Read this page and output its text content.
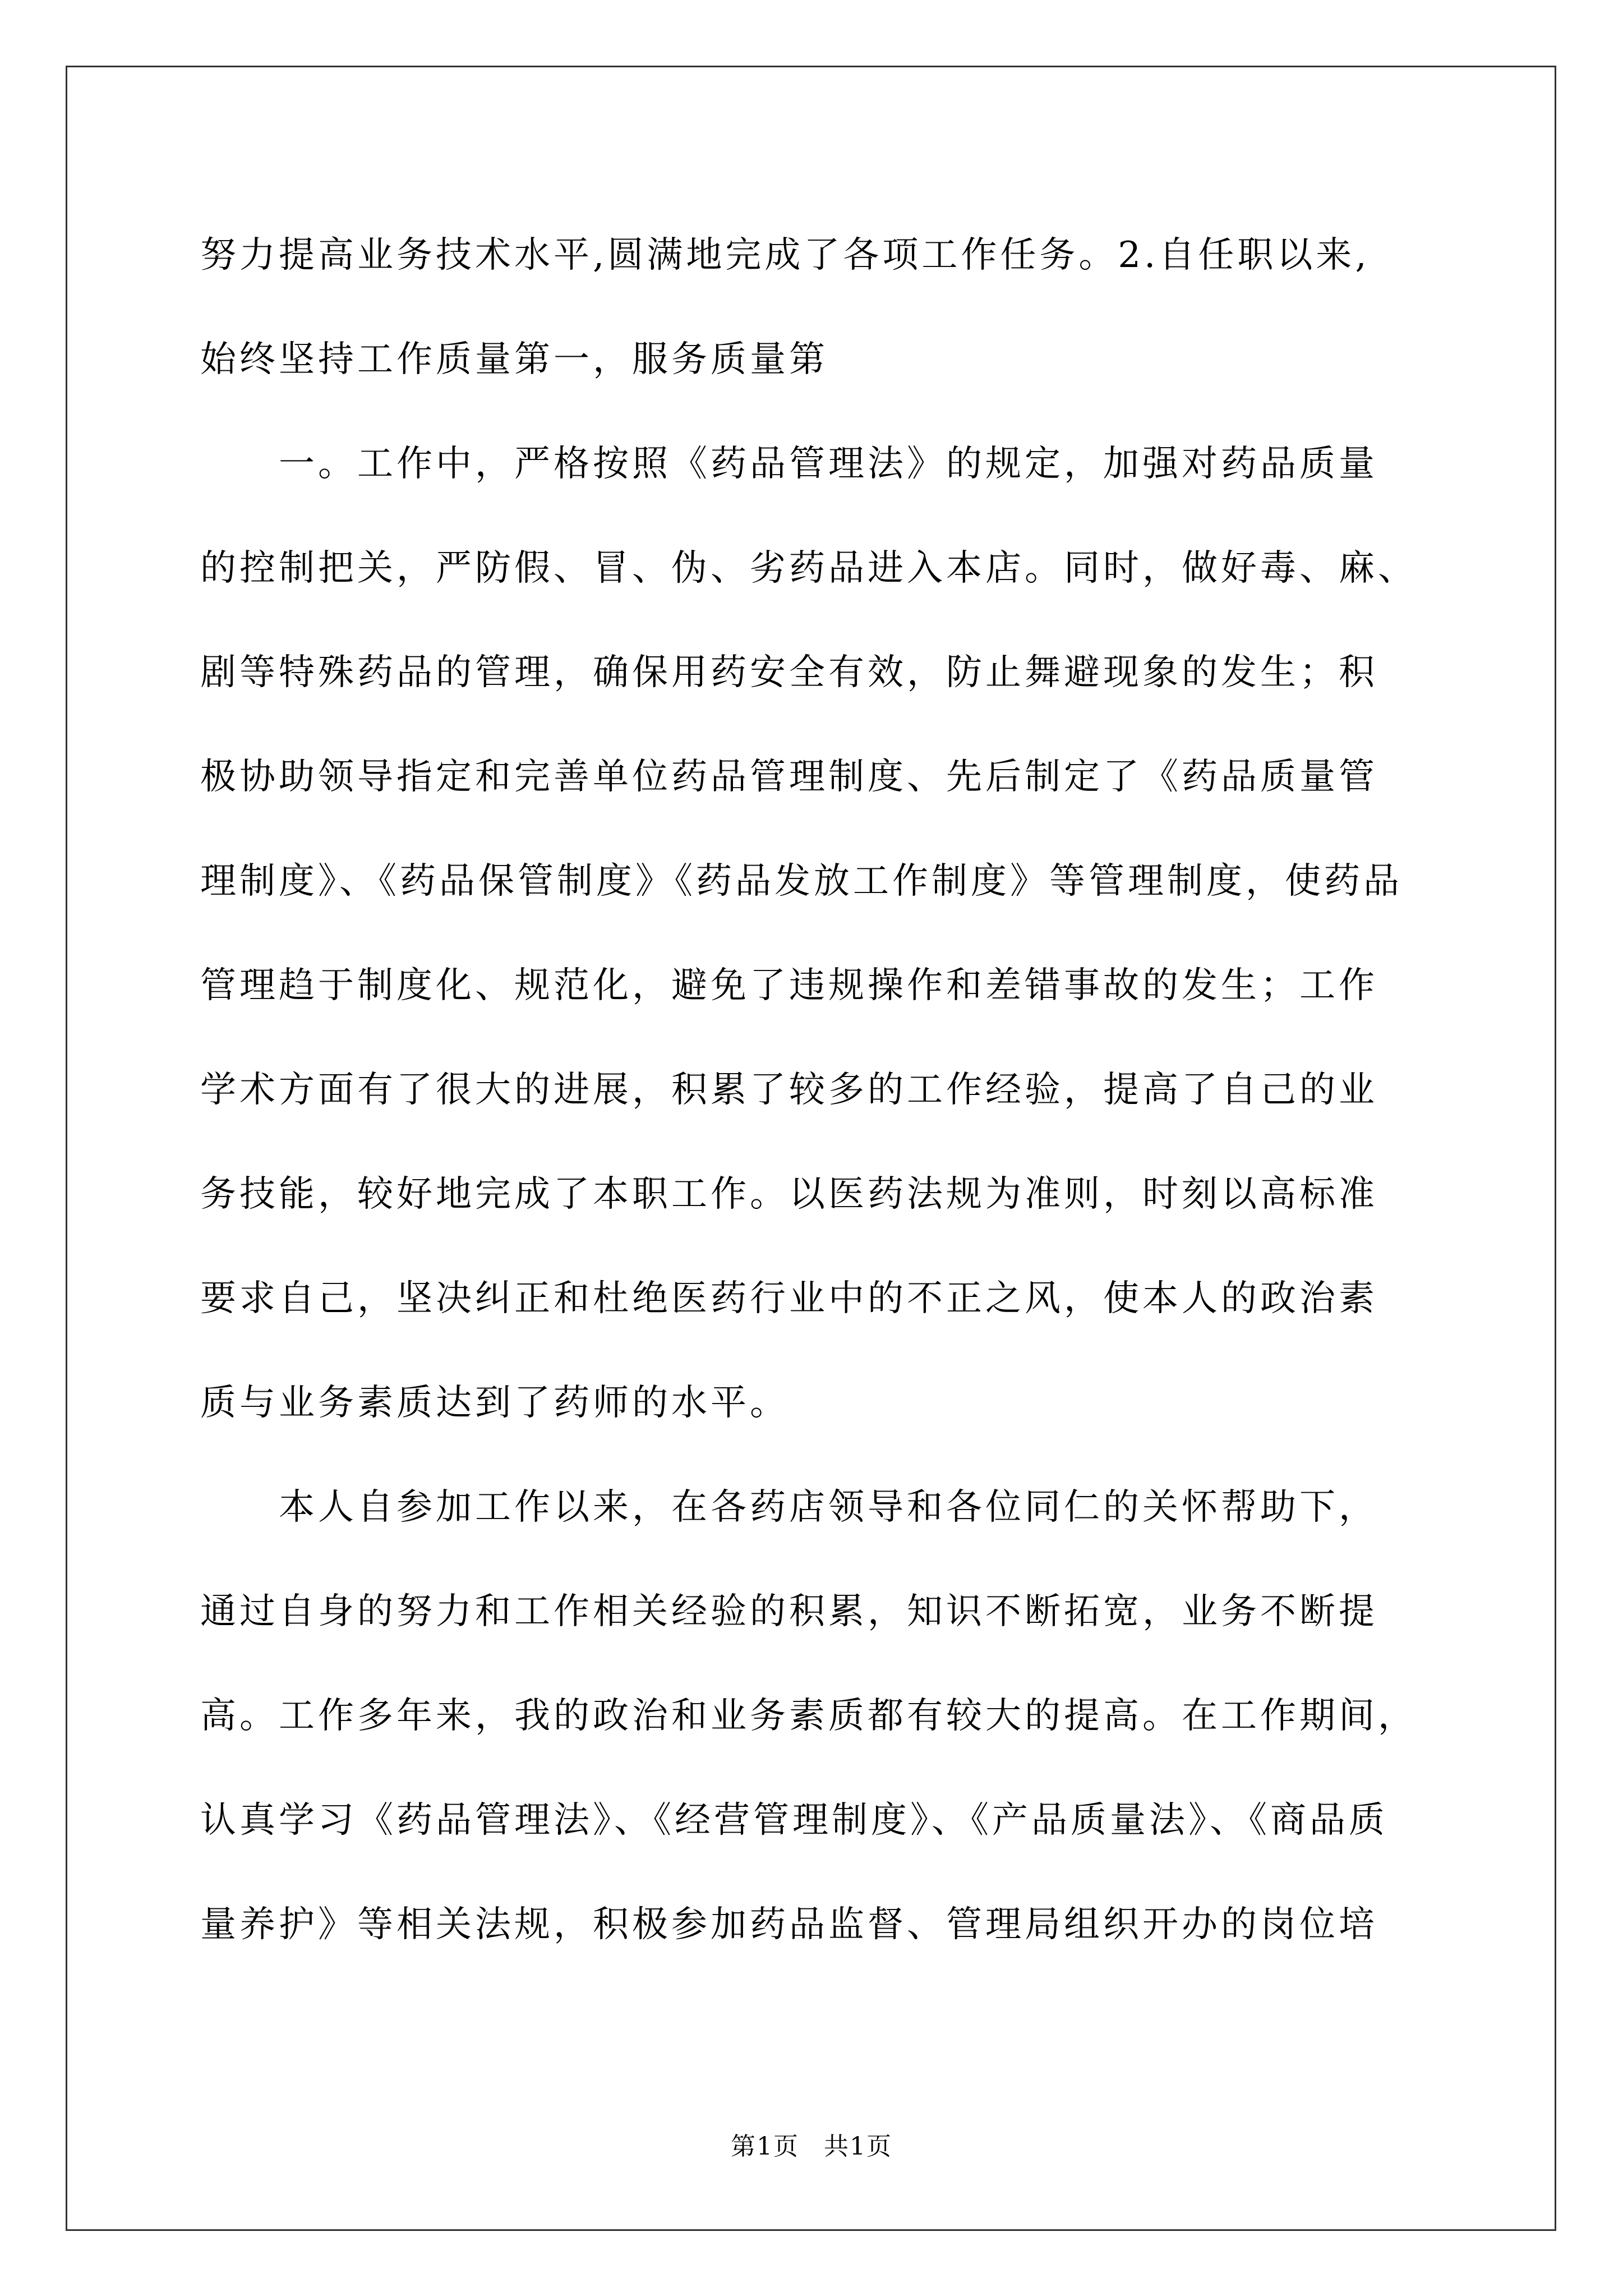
努力提高业务技术水平,圆满地完成了各项工作任务。2.自任职以来,
始终坚持工作质量第一，服务质量第
一。工作中，严格按照《药品管理法》的规定，加强对药品质量
的控制把关，严防假、冒、伪、劣药品进入本店。同时，做好毒、麻、
剧等特殊药品的管理，确保用药安全有效，防止舞避现象的发生；积
极协助领导指定和完善单位药品管理制度、先后制定了《药品质量管
理制度》、《药品保管制度》《药品发放工作制度》等管理制度，使药品
管理趋于制度化、规范化，避免了违规操作和差错事故的发生；工作
学术方面有了很大的进展，积累了较多的工作经验，提高了自己的业
务技能，较好地完成了本职工作。以医药法规为准则，时刻以高标准
要求自己，坚决纠正和杜绝医药行业中的不正之风，使本人的政治素
质与业务素质达到了药师的水平。
本人自参加工作以来，在各药店领导和各位同仁的关怀帮助下，
通过自身的努力和工作相关经验的积累，知识不断拓宽，业务不断提
高。工作多年来，我的政治和业务素质都有较大的提高。在工作期间，
认真学习《药品管理法》、《经营管理制度》、《产品质量法》、《商品质
量养护》等相关法规，积极参加药品监督、管理局组织开办的岗位培
第1页 共1页
